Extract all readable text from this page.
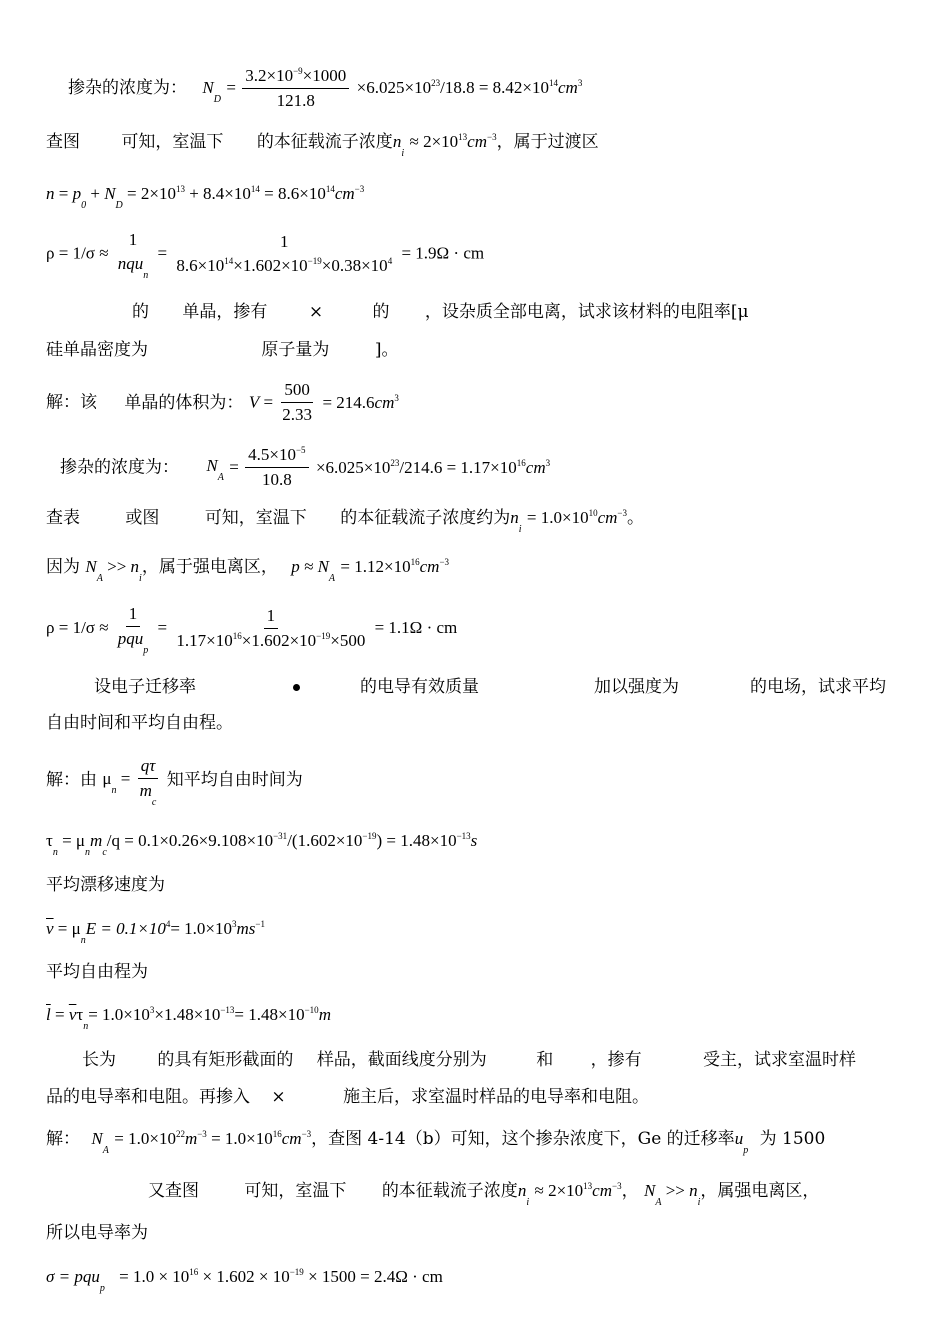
掺杂的浓度为： $N_D = \frac{3.2\times 10^{-9}\times 1000}{121.8} \times 6.025\times 10^{23}/18.8 = 8.42\times 10^{14}cm^3$
查图 可知，室温下 的本征载流子浓度$n_i \approx 2\times 10^{13}cm^{-3}$，属于过渡区
$n = p_0 + N_D = 2\times 10^{13} + 8.4\times 10^{14} = 8.6\times 10^{14}cm^{-3}$
ρ = 1/σ ≈
1
nqu$_n$
=
1
$8.6\times 10^{14}\times 1.602\times 10^{-19}\times 0.38\times 10^4 = 1.9\Omega$ · cm
的 单晶，掺有 ×	的 ，设杂质全部电离，试求该材料的电阻率[μ
硅单晶密度为	原子量为	]。
解：该 单晶的体积为： $V = \frac{500}{2.33} = 214.6cm^3$
掺杂的浓度为： $N_A = \frac{4.5\times 10^{-5}}{10.8} \times 6.025\times 10^{23}/214.6 = 1.17\times 10^{16}cm^3$
查表	或图	可知，室温下 的本征载流子浓度约为$n_i = 1.0\times 10^{10}cm^{-3}$。
因为 $N_A >> n_i$，属于强电离区， $p \approx N_A = 1.12\times 10^{16}cm^{-3}$
$\rho = 1/\sigma \approx \frac{1}{pqu_p} = \frac{1}{1.17\times 10^{16}\times 1.602\times 10^{-19}\times 500} = 1.1\Omega$ · cm
设电子迁移率	的电导有效质量	加以强度为	的电场，试求平均
自由时间和平均自由程。
解：由 $\mu_n = \frac{q\tau}{m_c}$ 知平均自由时间为
$\tau_n = \mu_nm_c/q = 0.1\times 0.26\times 9.108\times 10^{-31}/(1.602\times 10^{-19}) = 1.48\times 10^{-13}s$
平均漂移速度为
$\overline{v} = \mu_nE = 0.1\times 10^4= 1.0\times 10^3ms^{-1}$
平均自由程为
$\overline{l} = \overline{v}\tau_n= 1.0\times 10^3\times 1.48\times 10^{-13}= 1.48\times 10^{-10}m$
长为 的具有矩形截面的 样品，截面线度分别为	和 ，掺有	受主，试求室温时样
品的电导率和电阻。再掺入 ×	施主后，求室温时样品的电导率和电阻。
解： $N_A = 1.0\times 10^{22}m^{-3} = 1.0\times 10^{16}cm^{-3}$，查图 4-14（b）可知，这个掺杂浓度下，Ge 的迁移率$u_p$ 为 1500
又查图	可知，室温下 的本征载流子浓度$n_i \approx 2\times 10^{13}cm^{-3}$， $N_A >> n_i$，属强电离区，
所以电导率为
$\sigma = pqu_p = 1.0 \times 10^{16} \times 1.602 \times 10^{-19} \times 1500 = 2.4\Omega$ · cm
